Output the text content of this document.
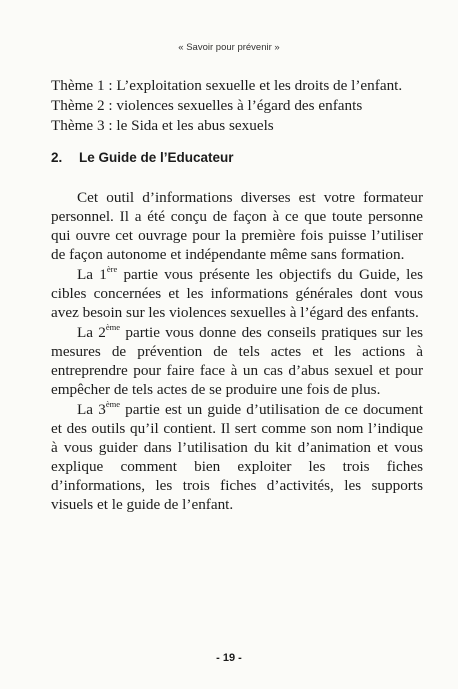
« Savoir pour prévenir »
Thème 1 : L’exploitation sexuelle et les droits de l’enfant.
Thème 2 : violences sexuelles à l’égard des enfants
Thème 3 : le Sida et les abus sexuels
2. Le Guide de l’Educateur

Cet outil d’informations diverses est votre formateur personnel. Il a été conçu de façon à ce que toute personne qui ouvre cet ouvrage pour la première fois puisse l’utiliser de façon autonome et indépendante même sans formation.

La 1ère partie vous présente les objectifs du Guide, les cibles concernées et les informations générales dont vous avez besoin sur les violences sexuelles à l’égard des enfants.

La 2ème partie vous donne des conseils pratiques sur les mesures de prévention de tels actes et les actions à entreprendre pour faire face à un cas d’abus sexuel et pour empêcher de tels actes de se produire une fois de plus.

La 3ème partie est un guide d’utilisation de ce document et des outils qu’il contient. Il sert comme son nom l’indique à vous guider dans l’utilisation du kit d’animation et vous explique comment bien exploiter les trois fiches d’informations, les trois fiches d’activités, les supports visuels et le guide de l’enfant.

- 19 -
